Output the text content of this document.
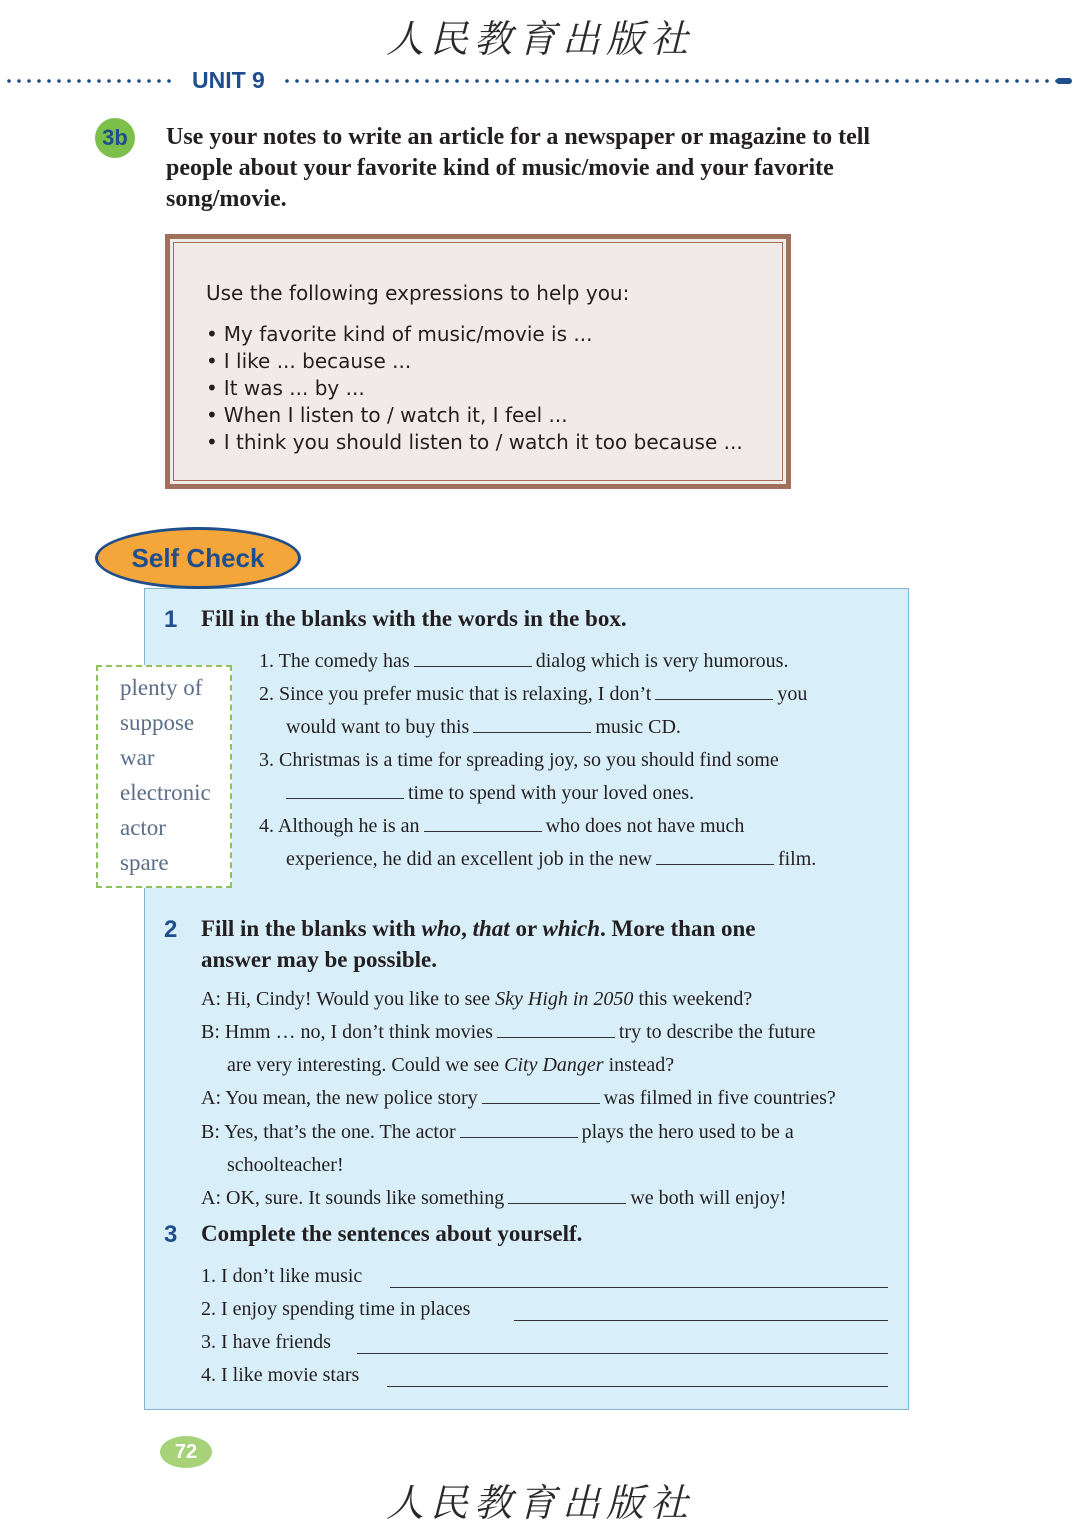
人民教育出版社
UNIT 9
3b Use your notes to write an article for a newspaper or magazine to tell people about your favorite kind of music/movie and your favorite song/movie.
Use the following expressions to help you:
• My favorite kind of music/movie is ...
• I like ... because ...
• It was ... by ...
• When I listen to / watch it, I feel ...
• I think you should listen to / watch it too because ...
Self Check
1 Fill in the blanks with the words in the box.
plenty of
suppose
war
electronic
actor
spare
1. The comedy has	dialog which is very humorous.
2. Since you prefer music that is relaxing, I don’t	you
would want to buy this	music CD.
3. Christmas is a time for spreading joy, so you should find some
time to spend with your loved ones.
4. Although he is an	who does not have much
experience, he did an excellent job in the new	film.
2 Fill in the blanks with who, that or which. More than one
answer may be possible.
A: Hi, Cindy! Would you like to see Sky High in 2050 this weekend?
B: Hmm … no, I don’t think movies	try to describe the future
are very interesting. Could we see City Danger instead?
A: You mean, the new police story	was filmed in five countries?
B: Yes, that’s the one. The actor	plays the hero used to be a
schoolteacher!
A: OK, sure. It sounds like something	we both will enjoy!
3 Complete the sentences about yourself.
1. I don’t like music
2. I enjoy spending time in places
3. I have friends
4. I like movie stars
72
人民教育出版社
